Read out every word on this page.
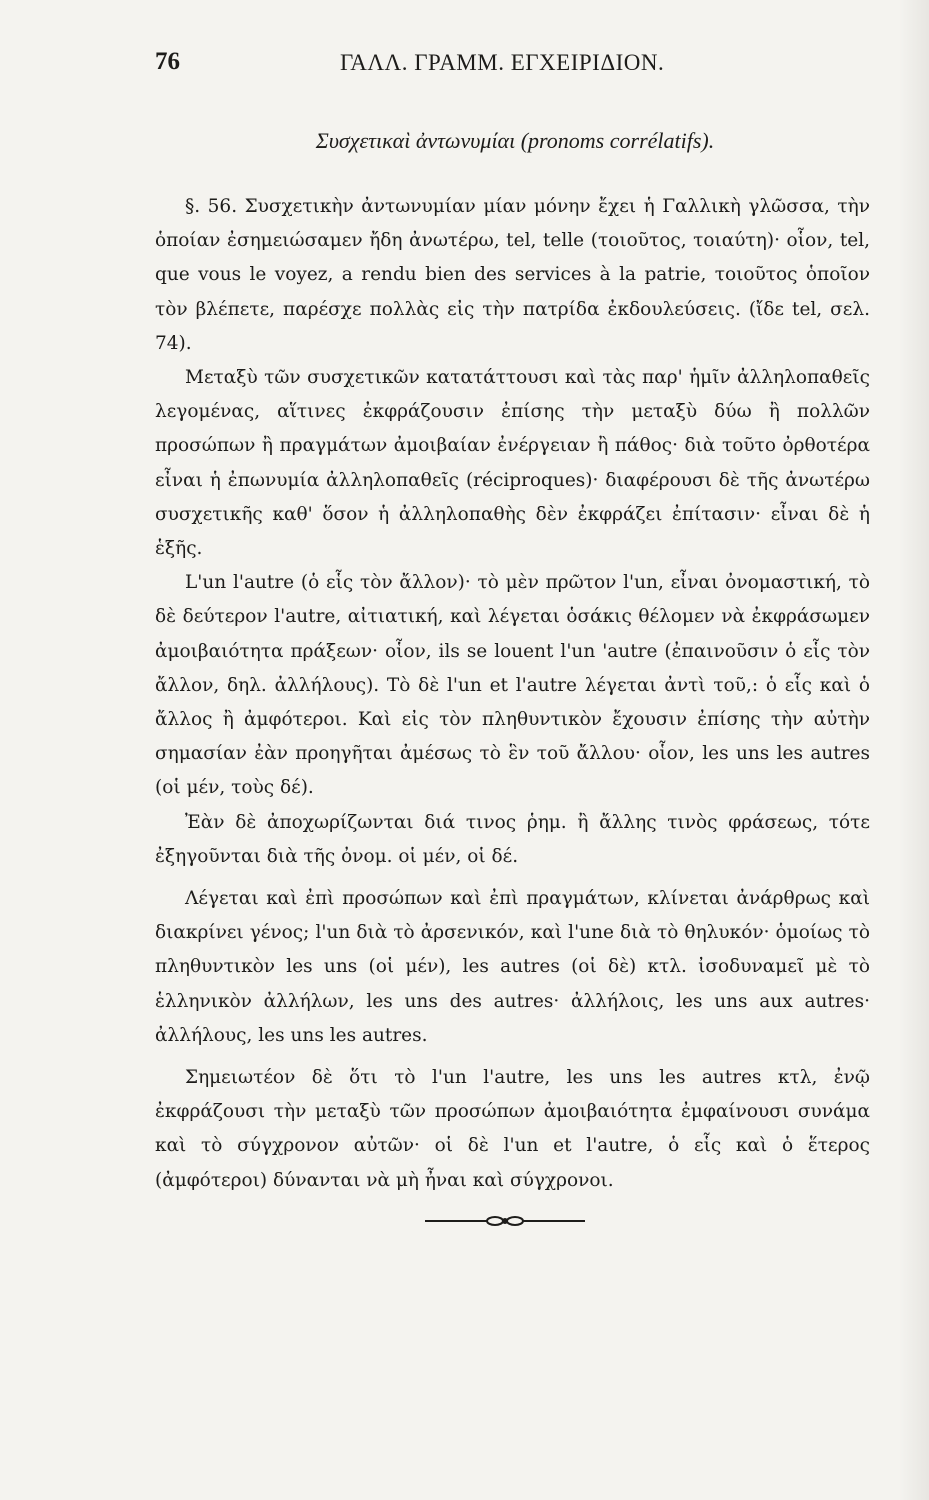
76	ΓΑΛΛ. ΓΡΑΜΜ. ΕΓΧΕΙΡΙΔΙΟΝ.
Συσχετικαὶ ἀντωνυμίαι (pronoms corrélatifs).

§. 56. Συσχετικὴν ἀντωνυμίαν μίαν μόνην ἔχει ἡ Γαλλικὴ γλῶσσα, τὴν ὁποίαν ἐσημειώσαμεν ἤδη ἀνωτέρω, tel, telle (τοιοῦτος, τοιαύτη)· οἷον, tel, que vous le voyez, a rendu bien des services à la patrie, τοιοῦτος ὁποῖον τὸν βλέπετε, παρέσχε πολλὰς εἰς τὴν πατρίδα ἐκδουλεύσεις. (ἴδε tel, σελ. 74).

Μεταξὺ τῶν συσχετικῶν κατατάττουσι καὶ τὰς παρ' ἡμῖν ἀλληλοπαθεῖς λεγομένας, αἵτινες ἐκφράζουσιν ἐπίσης τὴν μεταξὺ δύω ἢ πολλῶν προσώπων ἢ πραγμάτων ἀμοιβαίαν ἐνέργειαν ἢ πάθος· διὰ τοῦτο ὀρθοτέρα εἶναι ἡ ἐπωνυμία ἀλληλοπαθεῖς (réciproques)· διαφέρουσι δὲ τῆς ἀνωτέρω συσχετικῆς καθ' ὅσον ἡ ἀλληλοπαθὴς δὲν ἐκφράζει ἐπίτασιν· εἶναι δὲ ἡ ἑξῆς.

L'un l'autre (ὁ εἷς τὸν ἄλλον)· τὸ μὲν πρῶτον l'un, εἶναι ὀνομαστική, τὸ δὲ δεύτερον l'autre, αἰτιατική, καὶ λέγεται ὁσάκις θέλομεν νὰ ἐκφράσωμεν ἀμοιβαιότητα πράξεων· οἷον, ils se louent l'un 'autre (ἐπαινοῦσιν ὁ εἷς τὸν ἄλλον, δηλ. ἀλλήλους). Τὸ δὲ l'un et l'autre λέγεται ἀντὶ τοῦ,: ὁ εἷς καὶ ὁ ἄλλος ἢ ἀμφότεροι. Καὶ εἰς τὸν πληθυντικὸν ἔχουσιν ἐπίσης τὴν αὐτὴν σημασίαν ἐὰν προηγῆται ἀμέσως τὸ ἓν τοῦ ἄλλου· οἷον, les uns les autres (οἱ μέν, τοὺς δέ).

Ἐὰν δὲ ἀποχωρίζωνται διά τινος ῥημ. ἢ ἄλλης τινὸς φράσεως, τότε ἐξηγοῦνται διὰ τῆς ὀνομ. οἱ μέν, οἱ δέ.

Λέγεται καὶ ἐπὶ προσώπων καὶ ἐπὶ πραγμάτων, κλίνεται ἀνάρθρως καὶ διακρίνει γένος; l'un διὰ τὸ ἀρσενικόν, καὶ l'une διὰ τὸ θηλυκόν· ὁμοίως τὸ πληθυντικὸν les uns (οἱ μέν), les autres (οἱ δὲ) κτλ. ἰσοδυναμεῖ μὲ τὸ ἑλληνικὸν ἀλλήλων, les uns des autres· ἀλλήλοις, les uns aux autres· ἀλλήλους, les uns les autres.

Σημειωτέον δὲ ὅτι τὸ l'un l'autre, les uns les autres κτλ, ἐνῷ ἐκφράζουσι τὴν μεταξὺ τῶν προσώπων ἀμοιβαιότητα ἐμφαίνουσι συνάμα καὶ τὸ σύγχρονον αὐτῶν· οἱ δὲ l'un et l'autre, ὁ εἷς καὶ ὁ ἕτερος (ἀμφότεροι) δύνανται νὰ μὴ ἦναι καὶ σύγχρονοι.
